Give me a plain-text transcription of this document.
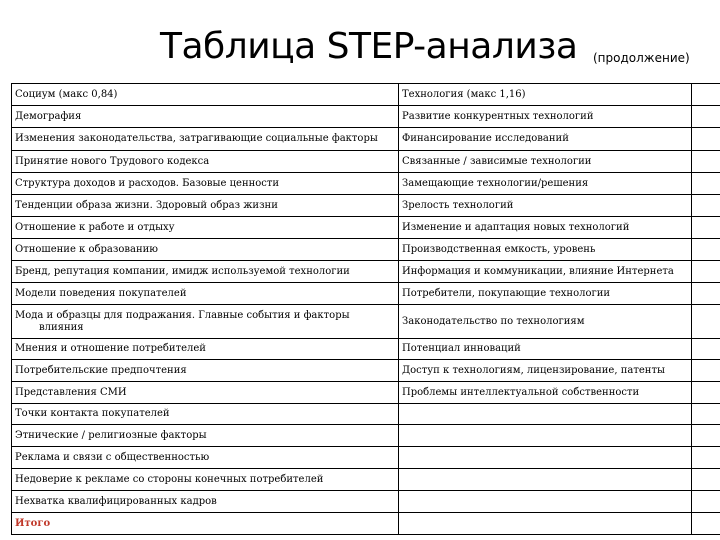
Таблица STEP-анализа (продолжение)
Социум (макс 0,84)	Технология (макс 1,16)	
Демография	Развитие конкурентных технологий	
Изменения законодательства, затрагивающие социальные факторы	Финансирование исследований	
Принятие нового Трудового кодекса	Связанные / зависимые технологии	
Структура доходов и расходов. Базовые ценности	Замещающие технологии/решения	
Тенденции образа жизни. Здоровый образ жизни	Зрелость технологий	
Отношение к работе и отдыху	Изменение и адаптация новых технологий	
Отношение к образованию	Производственная емкость, уровень	
Бренд, репутация компании, имидж используемой технологии	Информация и коммуникации, влияние Интернета	
Модели поведения покупателей	Потребители, покупающие технологии	
Мода и образцы для подражания. Главные события и факторы
влияния	Законодательство по технологиям	
Мнения и отношение потребителей	Потенциал инноваций	
Потребительские предпочтения	Доступ к технологиям, лицензирование, патенты	
Представления СМИ	Проблемы интеллектуальной собственности	
Точки контакта покупателей		
Этнические / религиозные факторы		
Реклама и связи с общественностью		
Недоверие к рекламе со стороны конечных потребителей		
Нехватка квалифицированных кадров		
Итого		
